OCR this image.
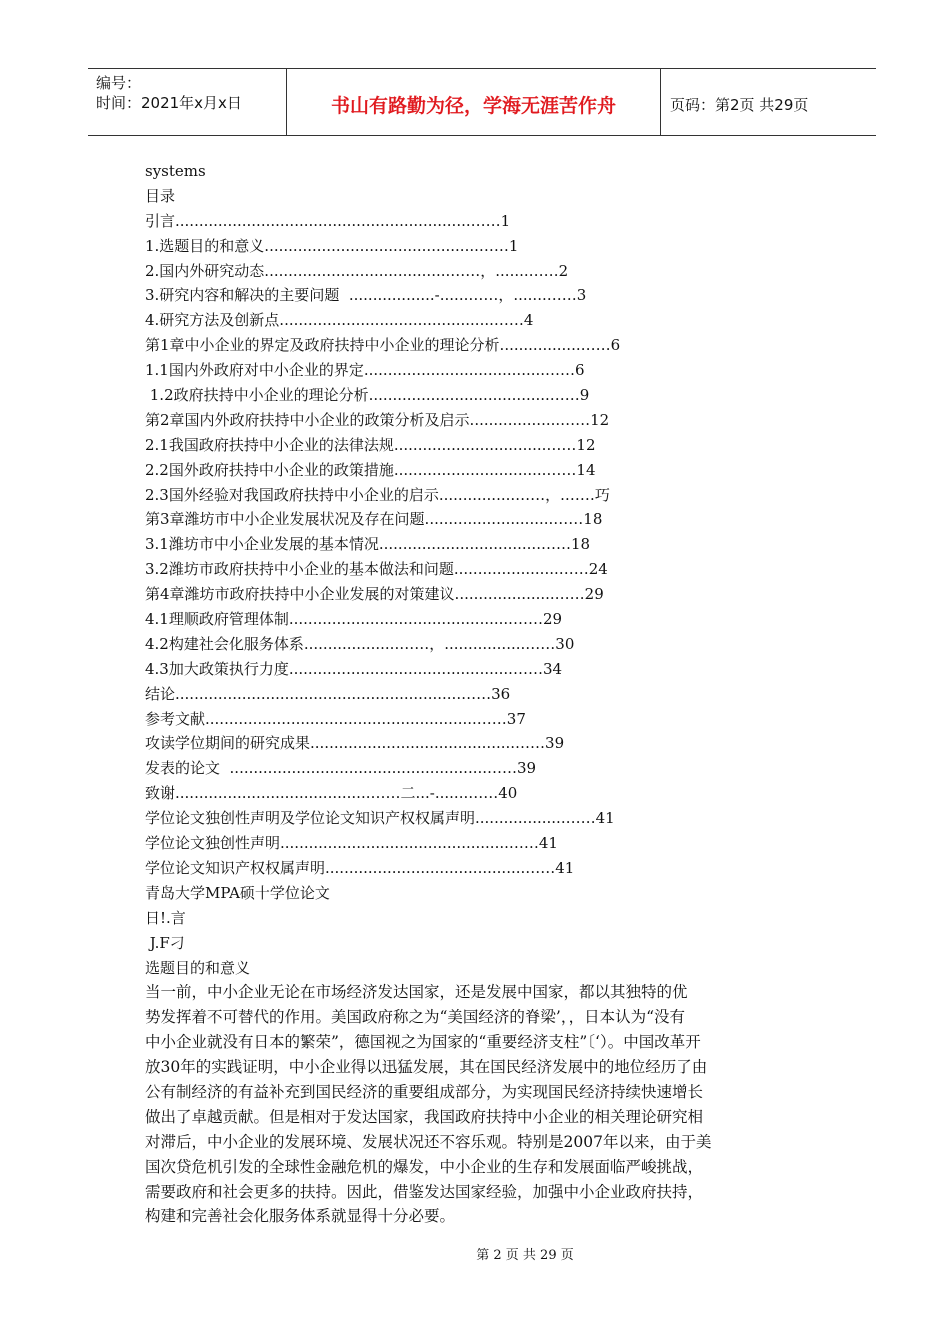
编号：
时间：2021年x月x日	书山有路勤为径，学海无涯苦作舟	页码：第2页 共29页
systems
目录
引言..............................................................……1
1.选题目的和意义.............................................……1
2.国内外研究动态.......................................……，.......……2
3.研究内容和解决的主要问题  ..................-......……，.......……3
4.研究方法及创新点.............................................……4
第1章中小企业的界定及政府扶持中小企业的理论分析.................……6
1.1国内外政府对中小企业的界定......................................……6
1.2政府扶持中小企业的理论分析......................................……9
第2章国内外政府扶持中小企业的政策分析及启示...................……12
2.1我国政府扶持中小企业的法律法规................................……12
2.2国外政府扶持中小企业的政策措施................................……14
2.3国外经验对我国政府扶持中小企业的启示................……，.……巧
第3章潍坊市中小企业发展状况及存在问题...........................……18
3.1潍坊市中小企业发展的基本情况..................................……18
3.2潍坊市政府扶持中小企业的基本做法和问题......................……24
第4章潍坊市政府扶持中小企业发展的对策建议.....................……29
4.1理顺政府管理体制...............................................……29
4.2构建社会化服务体系....................……，.................……30
4.3加大政策执行力度...............................................……34
结论............................................................……36
参考文献.........................................................……37
攻读学位期间的研究成果...........................................……39
发表的论文  ......................................................……39
致谢.........................................……二...-.......……40
学位论文独创性声明及学位论文知识产权权属声明...................……41
学位论文独创性声明................................................……41
学位论文知识产权权属声明..........................................……41
青岛大学MPA硕十学位论文
日!.言
J.F刁
选题目的和意义
当一前，中小企业无论在市场经济发达国家，还是发展中国家，都以其独特的优
势发挥着不可替代的作用。美国政府称之为“美国经济的脊梁’，，日本认为“没有
中小企业就没有日本的繁荣”，德国视之为国家的“重要经济支柱”〔‘）。中国改革开
放30年的实践证明，中小企业得以迅猛发展，其在国民经济发展中的地位经历了由
公有制经济的有益补充到国民经济的重要组成部分，为实现国民经济持续快速增长
做出了卓越贡献。但是相对于发达国家，我国政府扶持中小企业的相关理论研究相
对滞后，中小企业的发展环境、发展状况还不容乐观。特别是2007年以来，由于美
国次贷危机引发的全球性金融危机的爆发，中小企业的生存和发展面临严峻挑战，
需要政府和社会更多的扶持。因此，借鉴发达国家经验，加强中小企业政府扶持，
构建和完善社会化服务体系就显得十分必要。
第 2 页 共 29 页
